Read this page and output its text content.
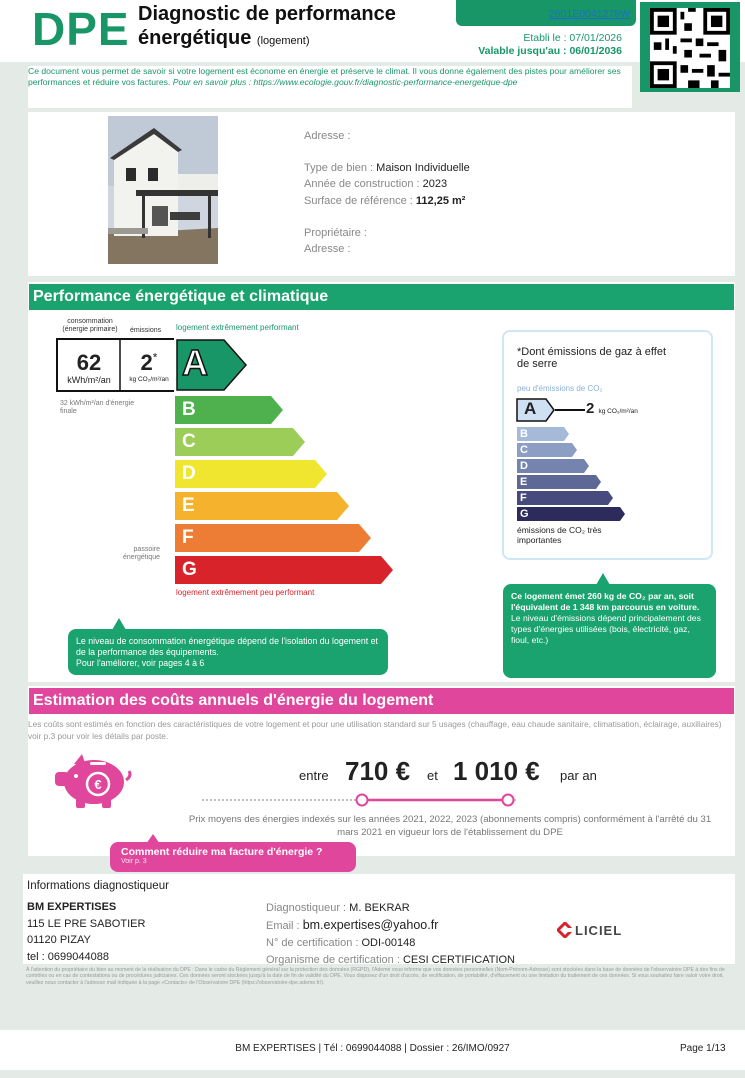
DPE Diagnostic de performance énergétique (logement)
n° : 2601E0041278W
Etabli le : 07/01/2026
Valable jusqu'au : 06/01/2036
Ce document vous permet de savoir si votre logement est économe en énergie et préserve le climat. Il vous donne également des pistes pour améliorer ses performances et réduire vos factures. Pour en savoir plus : https://www.ecologie.gouv.fr/diagnostic-performance-energetique-dpe
Adresse :
Type de bien : Maison Individuelle
Année de construction : 2023
Surface de référence : 112,25 m²
Propriétaire :
Adresse :
Performance énergétique et climatique
consommation (énergie primaire)	émissions logement extrêmement performant
62
kWh/m²/an
2*
kg CO₂/m²/an A
32 kWh/m²/an d'énergie finale
passoire énergétique
B
C
D
E
F
G
logement extrêmement peu performant
Le niveau de consommation énergétique dépend de l'isolation du logement et de la performance des équipements.
Pour l'améliorer, voir pages 4 à 6
*Dont émissions de gaz à effet de serre
peu d'émissions de CO₂
A	2 kg CO₂/m²/an
B
C
D
E
F
G
émissions de CO₂ très importantes
Ce logement émet 260 kg de CO₂ par an, soit l'équivalent de 1 348 km parcourus en voiture.
Le niveau d'émissions dépend principalement des types d'énergies utilisées (bois, électricité, gaz, fioul, etc.)
Estimation des coûts annuels d'énergie du logement
Les coûts sont estimés en fonction des caractéristiques de votre logement et pour une utilisation standard sur 5 usages (chauffage, eau chaude sanitaire, climatisation, éclairage, auxiliaires) voir p.3 pour voir les détails par poste.
€
entre 710 € et 1 010 € par an
Prix moyens des énergies indexés sur les années 2021, 2022, 2023 (abonnements compris) conformément à l'arrêté du 31 mars 2021 en vigueur lors de l'établissement du DPE
Comment réduire ma facture d'énergie ?
Voir p. 3
Informations diagnostiqueur
BM EXPERTISES
115 LE PRE SABOTIER
01120 PIZAY
tel : 0699044088
Diagnostiqueur : M. BEKRAR
Email : bm.expertises@yahoo.fr
N° de certification : ODI-00148
Organisme de certification : CESI CERTIFICATION
LICIEL
À l'attention du propriétaire du bien au moment de la réalisation du DPE : Dans le cadre du Règlement général sur la protection des données (RGPD), l'Ademe vous informe que vos données personnelles (Nom-Prénom-Adresse) sont stockées dans la base de données de l'observatoire DPE à des fins de contrôles ou en cas de contestations ou de procédures judiciaires. Ces données seront stockées jusqu'à la date de fin de validité du DPE. Vous disposez d'un droit d'accès, de rectification, de portabilité, d'effacement ou une limitation du traitement de ces données. Si vous souhaitez faire valoir votre droit, veuillez nous contacter à l'adresse mail indiquée à la page «Contacts» de l'Observatoire DPE (https://observatoire-dpe.ademe.fr/).
BM EXPERTISES | Tél : 0699044088 | Dossier : 26/IMO/0927	Page 1/13
